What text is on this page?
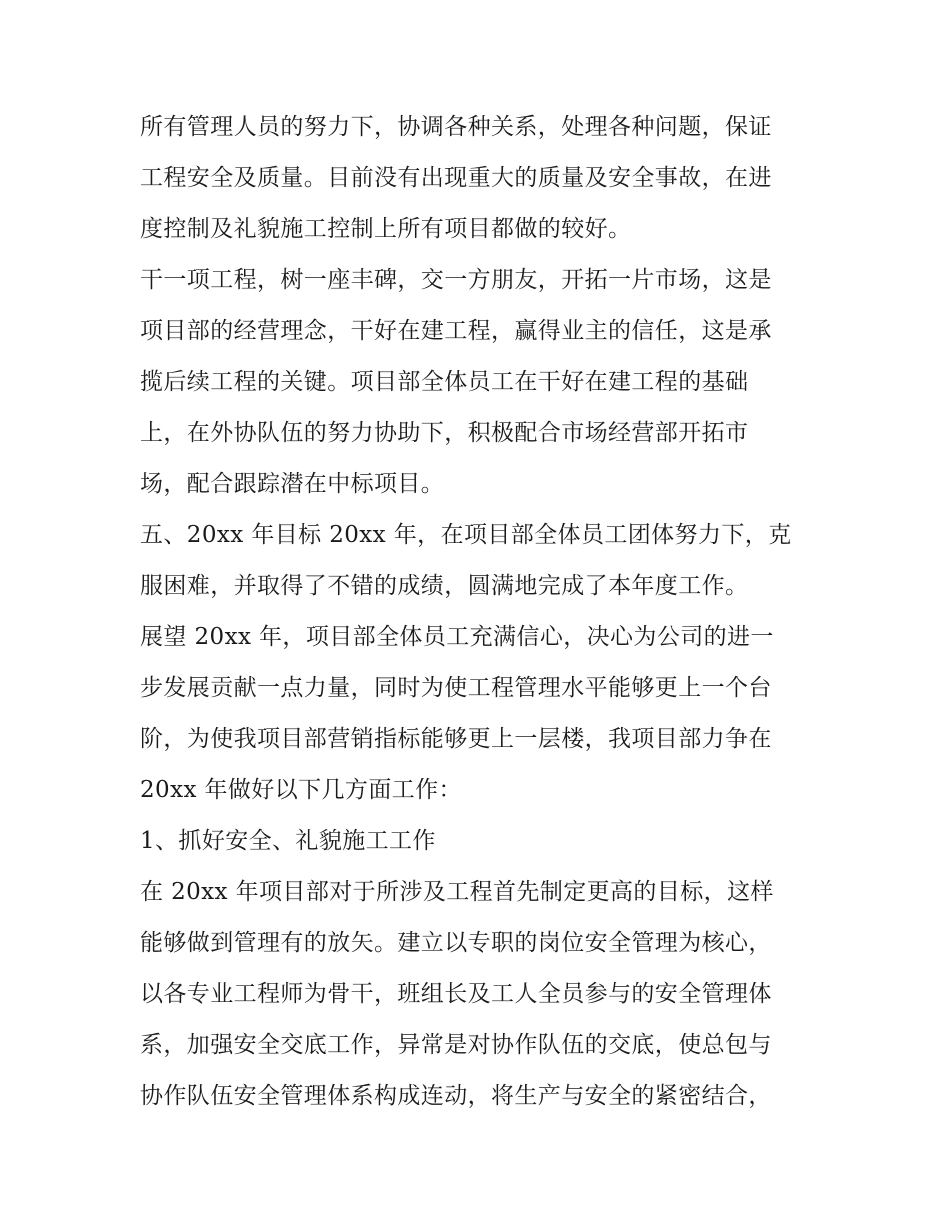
所有管理人员的努力下，协调各种关系，处理各种问题，保证
工程安全及质量。目前没有出现重大的质量及安全事故，在进
度控制及礼貌施工控制上所有项目都做的较好。
干一项工程，树一座丰碑，交一方朋友，开拓一片市场，这是
项目部的经营理念，干好在建工程，赢得业主的信任，这是承
揽后续工程的关键。项目部全体员工在干好在建工程的基础
上，在外协队伍的努力协助下，积极配合市场经营部开拓市
场，配合跟踪潜在中标项目。
五、20xx 年目标 20xx 年，在项目部全体员工团体努力下，克
服困难，并取得了不错的成绩，圆满地完成了本年度工作。
展望 20xx 年，项目部全体员工充满信心，决心为公司的进一
步发展贡献一点力量，同时为使工程管理水平能够更上一个台
阶，为使我项目部营销指标能够更上一层楼，我项目部力争在
20xx 年做好以下几方面工作：
1、抓好安全、礼貌施工工作
在 20xx 年项目部对于所涉及工程首先制定更高的目标，这样
能够做到管理有的放矢。建立以专职的岗位安全管理为核心，
以各专业工程师为骨干，班组长及工人全员参与的安全管理体
系，加强安全交底工作，异常是对协作队伍的交底，使总包与
协作队伍安全管理体系构成连动，将生产与安全的紧密结合，
